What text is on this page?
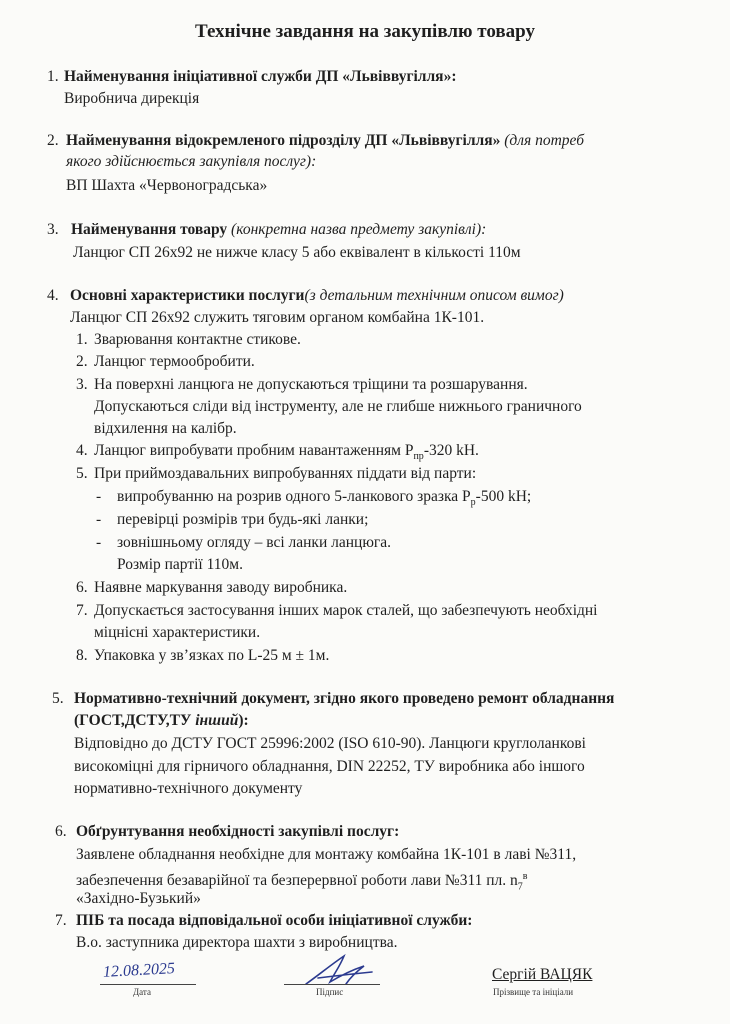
Технічне завдання на закупівлю товару
1. Найменування ініціативної служби ДП «Львіввугілля»:
Виробнича дирекція
2. Найменування відокремленого підрозділу ДП «Львіввугілля» (для потреб
якого здійснюється закупівля послуг):
ВП Шахта «Червоноградська»
3. Найменування товару (конкретна назва предмету закупівлі):
Ланцюг СП 26х92 не нижче класу 5 або еквівалент в кількості 110м
4. Основні характеристики послуги(з детальним технічним описом вимог)
Ланцюг СП 26х92 служить тяговим органом комбайна 1К-101.
1. Зварювання контактне стикове.
2. Ланцюг термообробити.
3. На поверхні ланцюга не допускаються тріщини та розшарування.
Допускаються сліди від інструменту, але не глибше нижнього граничного
відхилення на калібр.
4. Ланцюг випробувати пробним навантаженням $P_{пр}-320$ kH.
5. При приймоздавальних випробуваннях піддати від парти:
- випробуванню на розрив одного 5-ланкового зразка $P_р-500$ kH;
- перевірці розмірів три будь-які ланки;
- зовнішньому огляду – всі ланки ланцюга.
Розмір партії 110м.
6. Наявне маркування заводу виробника.
7. Допускається застосування інших марок сталей, що забезпечують необхідні
міцнісні характеристики.
8. Упаковка у зв’язках по L-25 м ± 1м.
5. Нормативно-технічний документ, згідно якого проведено ремонт обладнання
(ГОСТ,ДСТУ,ТУ інший):
Відповідно до ДСТУ ГОСТ 25996:2002 (ISO 610-90). Ланцюги круглоланкові
високоміцні для гірничого обладнання, DIN 22252, ТУ виробника або іншого
нормативно-технічного документу
6. Обґрунтування необхідності закупівлі послуг:
Заявлене обладнання необхідне для монтажу комбайна 1К-101 в лаві №311,
забезпечення безаварійної та безперервної роботи лави №311 пл. $n_7^в$
«Західно-Бузький»
7. ПІБ та посада відповідальної особи ініціативної служби:
В.о. заступника директора шахти з виробництва.
12.08.2025
Дата	Підпис
Сергій ВАЦЯК
Прізвище та ініціали
